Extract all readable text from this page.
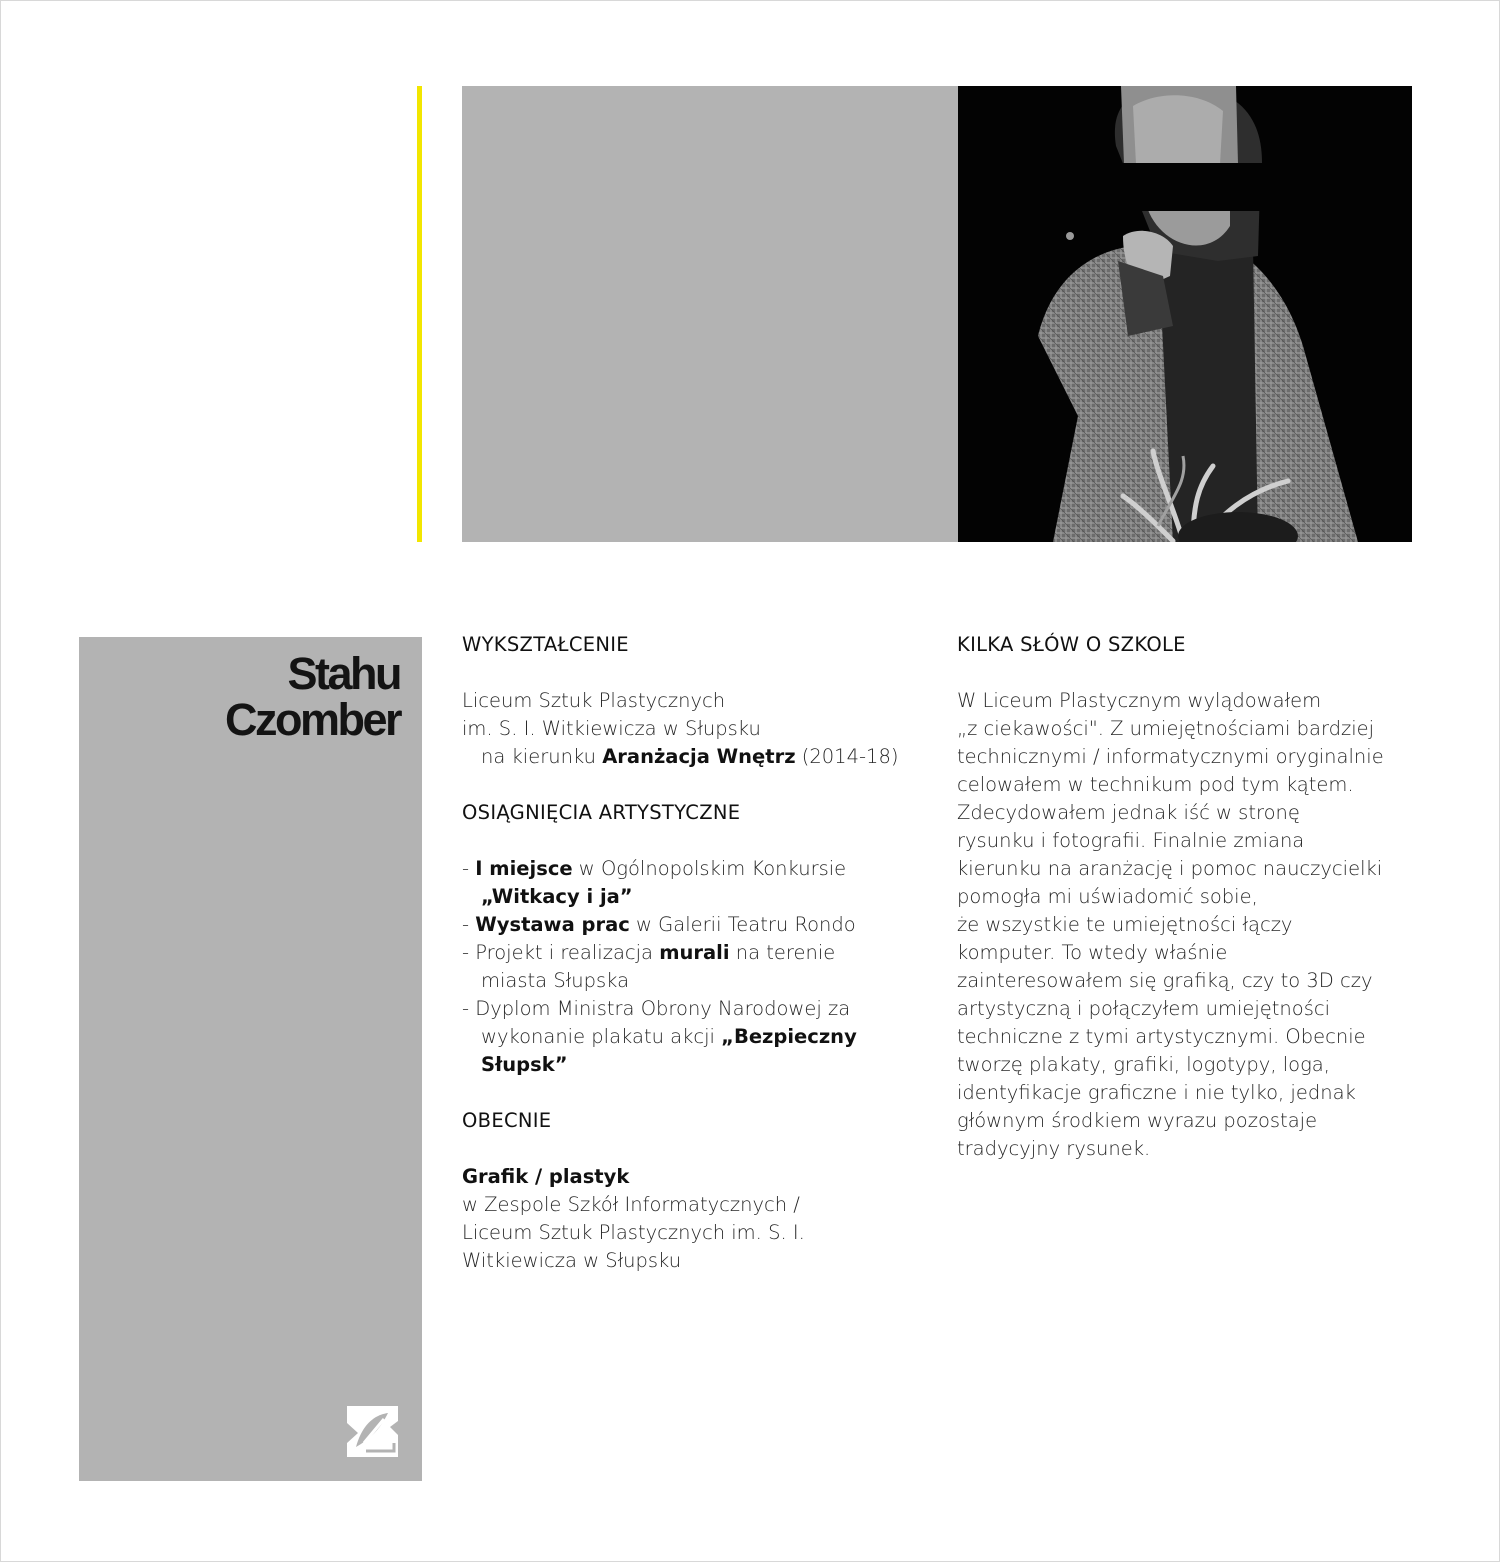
Stahu
Czomber

WYKSZTAŁCENIE

Liceum Sztuk Plastycznych

im. S. I. Witkiewicza w Słupsku

na kierunku Aranżacja Wnętrz (2014-18)

OSIĄGNIĘCIA ARTYSTYCZNE

- I miejsce w Ogólnopolskim Konkursie

„Witkacy i ja”

- Wystawa prac w Galerii Teatru Rondo

- Projekt i realizacja murali na terenie

miasta Słupska

- Dyplom Ministra Obrony Narodowej za

wykonanie plakatu akcji „Bezpieczny

Słupsk”

OBECNIE

Grafik / plastyk

w Zespole Szkół Informatycznych /

Liceum Sztuk Plastycznych im. S. I.

Witkiewicza w Słupsku

KILKA SŁÓW O SZKOLE

W Liceum Plastycznym wylądowałem

„z ciekawości". Z umiejętnościami bardziej

technicznymi / informatycznymi oryginalnie

celowałem w technikum pod tym kątem.

Zdecydowałem jednak iść w stronę

rysunku i fotografii. Finalnie zmiana

kierunku na aranżację i pomoc nauczycielki

pomogła mi uświadomić sobie,

że wszystkie te umiejętności łączy

komputer. To wtedy właśnie

zainteresowałem się grafiką, czy to 3D czy

artystyczną i połączyłem umiejętności

techniczne z tymi artystycznymi. Obecnie

tworzę plakaty, grafiki, logotypy, loga,

identyfikacje graficzne i nie tylko, jednak

głównym środkiem wyrazu pozostaje

tradycyjny rysunek.
